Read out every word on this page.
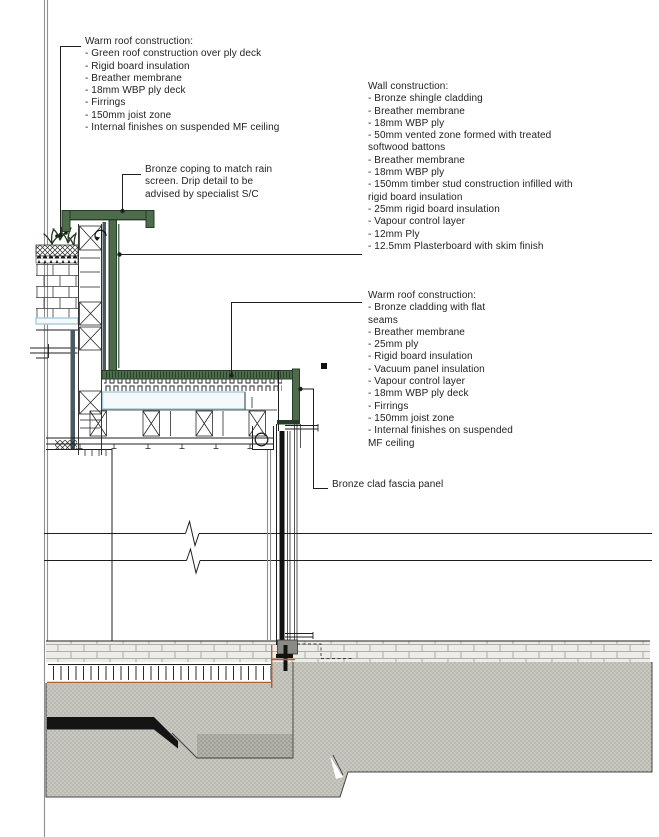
Warm roof construction:
- Green roof construction over ply deck
- Rigid board insulation
- Breather membrane
- 18mm WBP ply deck
- Firrings
- 150mm joist zone
- Internal finishes on suspended MF ceiling
Bronze coping to match rain
screen. Drip detail to be
advised by specialist S/C
Wall construction:
- Bronze shingle cladding
- Breather membrane
- 18mm WBP ply
- 50mm vented zone formed with treated
softwood battons
- Breather membrane
- 18mm WBP ply
- 150mm timber stud construction infilled with
rigid board insulation
- 25mm rigid board insulation
- Vapour control layer
- 12mm Ply
- 12.5mm Plasterboard with skim finish
Warm roof construction:
- Bronze cladding with flat
seams
- Breather membrane
- 25mm ply
- Rigid board insulation
- Vacuum panel insulation
- Vapour control layer
- 18mm WBP ply deck
- Firrings
- 150mm joist zone
- Internal finishes on suspended
MF ceiling
Bronze clad fascia panel
